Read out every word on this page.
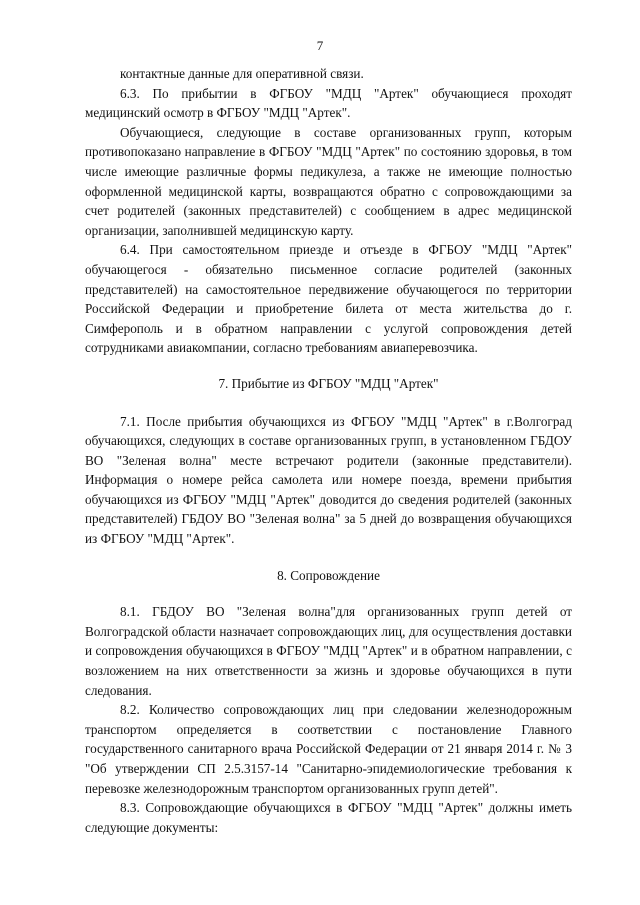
7

контактные данные для оперативной связи.

6.3. По прибытии в ФГБОУ "МДЦ "Артек" обучающиеся проходят медицинский осмотр в ФГБОУ "МДЦ "Артек".

Обучающиеся, следующие в составе организованных групп, которым противопоказано направление в ФГБОУ "МДЦ "Артек" по состоянию здоровья, в том числе имеющие различные формы педикулеза, а также не имеющие полностью оформленной медицинской карты, возвращаются обратно с сопровождающими за счет родителей (законных представителей) с сообщением в адрес медицинской организации, заполнившей медицинскую карту.

6.4. При самостоятельном приезде и отъезде в ФГБОУ "МДЦ "Артек" обучающегося - обязательно письменное согласие родителей (законных представителей) на самостоятельное передвижение обучающегося по территории Российской Федерации и приобретение билета от места жительства до г. Симферополь и в обратном направлении с услугой сопровождения детей сотрудниками авиакомпании, согласно требованиям авиаперевозчика.

7. Прибытие из ФГБОУ "МДЦ "Артек"

7.1. После прибытия обучающихся из ФГБОУ "МДЦ "Артек" в г.Волгоград обучающихся, следующих в составе организованных групп, в установленном ГБДОУ ВО "Зеленая волна" месте встречают родители (законные представители). Информация о номере рейса самолета или номере поезда, времени прибытия обучающихся из ФГБОУ "МДЦ "Артек" доводится до сведения родителей (законных представителей) ГБДОУ ВО "Зеленая волна" за 5 дней до возвращения обучающихся из ФГБОУ "МДЦ "Артек".

8. Сопровождение

8.1. ГБДОУ ВО "Зеленая волна"для организованных групп детей от Волгоградской области назначает сопровождающих лиц, для осуществления доставки и сопровождения обучающихся в ФГБОУ "МДЦ "Артек" и в обратном направлении, с возложением на них ответственности за жизнь и здоровье обучающихся в пути следования.

8.2. Количество сопровождающих лиц при следовании железнодорожным транспортом определяется в соответствии с постановление Главного государственного санитарного врача Российской Федерации от 21 января 2014 г. № 3 "Об утверждении СП 2.5.3157-14 "Санитарно-эпидемиологические требования к перевозке железнодорожным транспортом организованных групп детей".

8.3. Сопровождающие обучающихся в ФГБОУ "МДЦ "Артек" должны иметь следующие документы:
